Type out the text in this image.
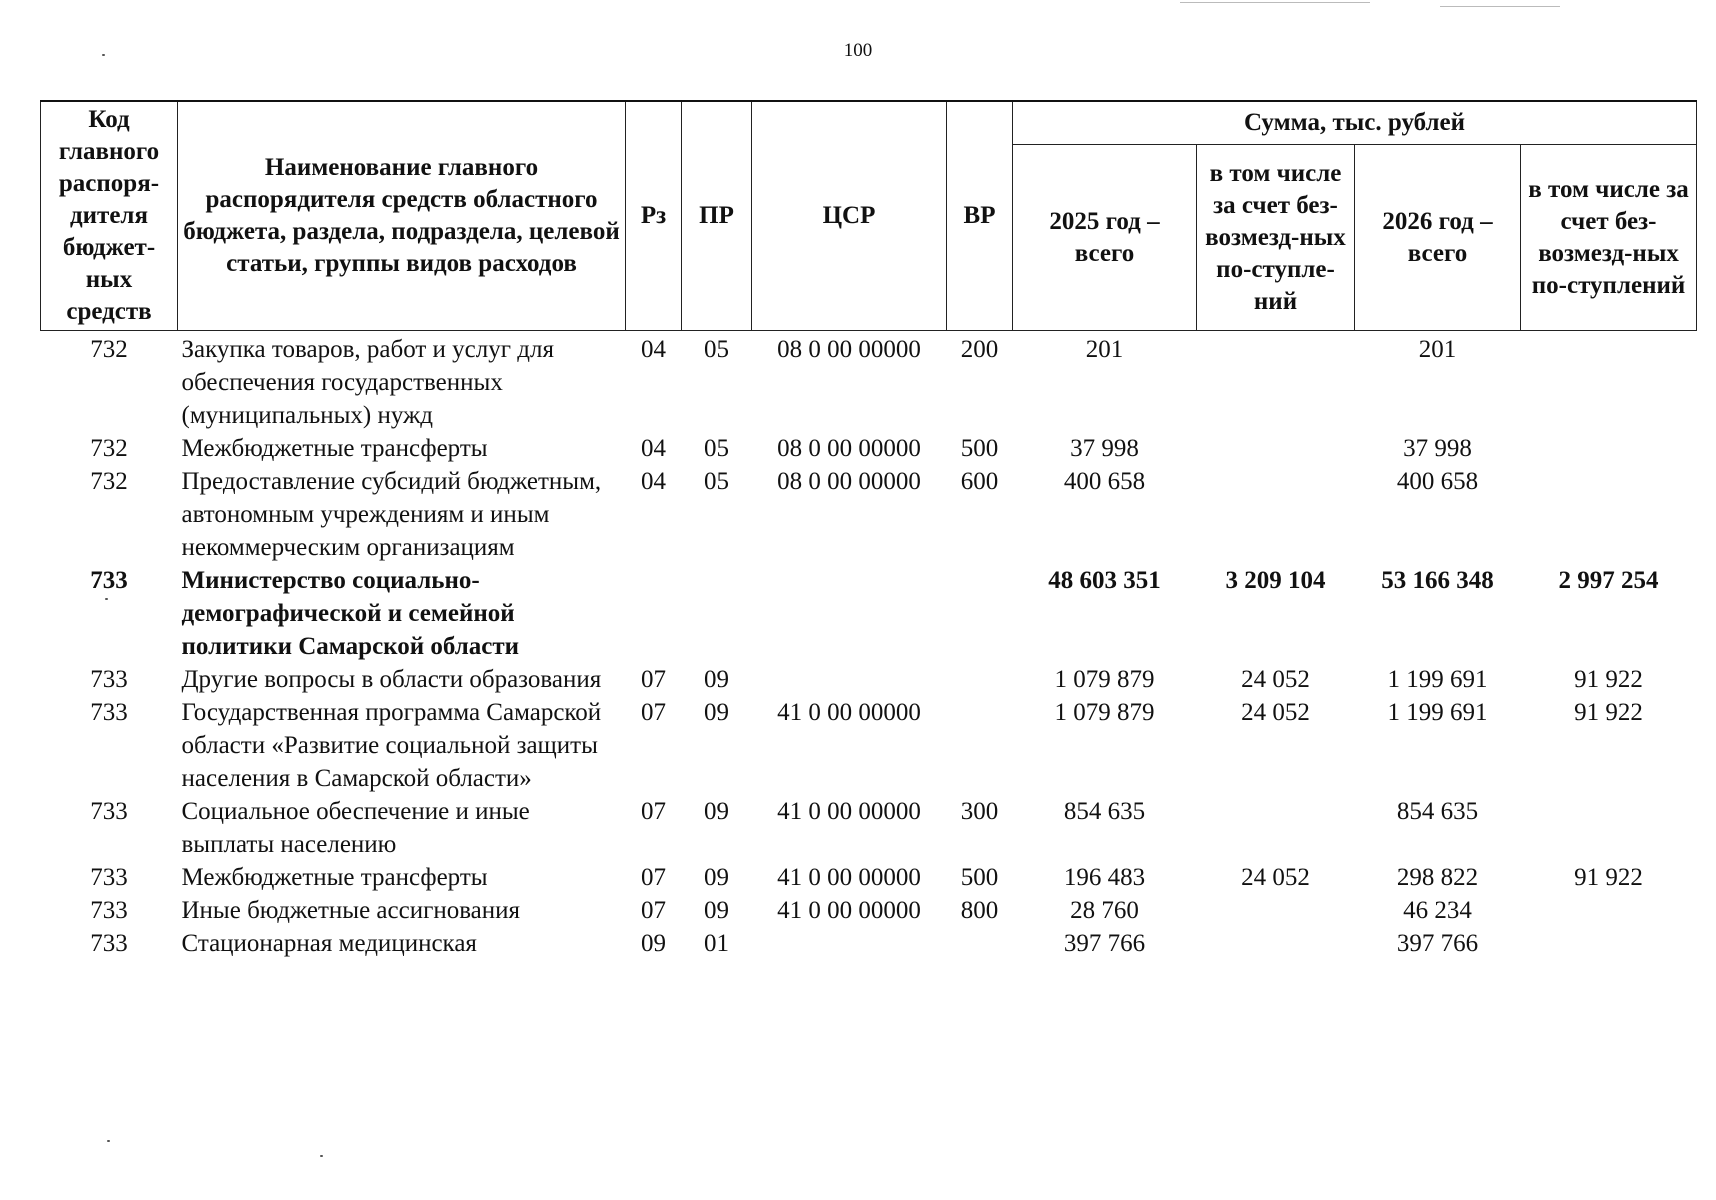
100
Код главного распоря-дителя бюджет-ных средств	Наименование главного распорядителя средств областного бюджета, раздела, подраздела, целевой статьи, группы видов расходов	Рз	ПР	ЦСР	ВР	Сумма, тыс. рублей			
						2025 год – всего	в том числе за счет без-возмезд-ных по-ступле-ний	2026 год – всего	в том числе за счет без-возмезд-ных по-ступлений
732	Закупка товаров, работ и услуг для обеспечения государственных (муниципальных) нужд	04	05	08 0 00 00000	200	201		201	
732	Межбюджетные трансферты	04	05	08 0 00 00000	500	37 998		37 998	
732	Предоставление субсидий бюджетным, автономным учреждениям и иным некоммерческим организациям	04	05	08 0 00 00000	600	400 658		400 658	
733	Министерство социально-демографической и семейной политики Самарской области					48 603 351	3 209 104	53 166 348	2 997 254
733	Другие вопросы в области образования	07	09			1 079 879	24 052	1 199 691	91 922
733	Государственная программа Самарской области «Развитие социальной защиты населения в Самарской области»	07	09	41 0 00 00000		1 079 879	24 052	1 199 691	91 922
733	Социальное обеспечение и иные выплаты населению	07	09	41 0 00 00000	300	854 635		854 635	
733	Межбюджетные трансферты	07	09	41 0 00 00000	500	196 483	24 052	298 822	91 922
733	Иные бюджетные ассигнования	07	09	41 0 00 00000	800	28 760		46 234	
733	Стационарная медицинская	09	01			397 766		397 766	
